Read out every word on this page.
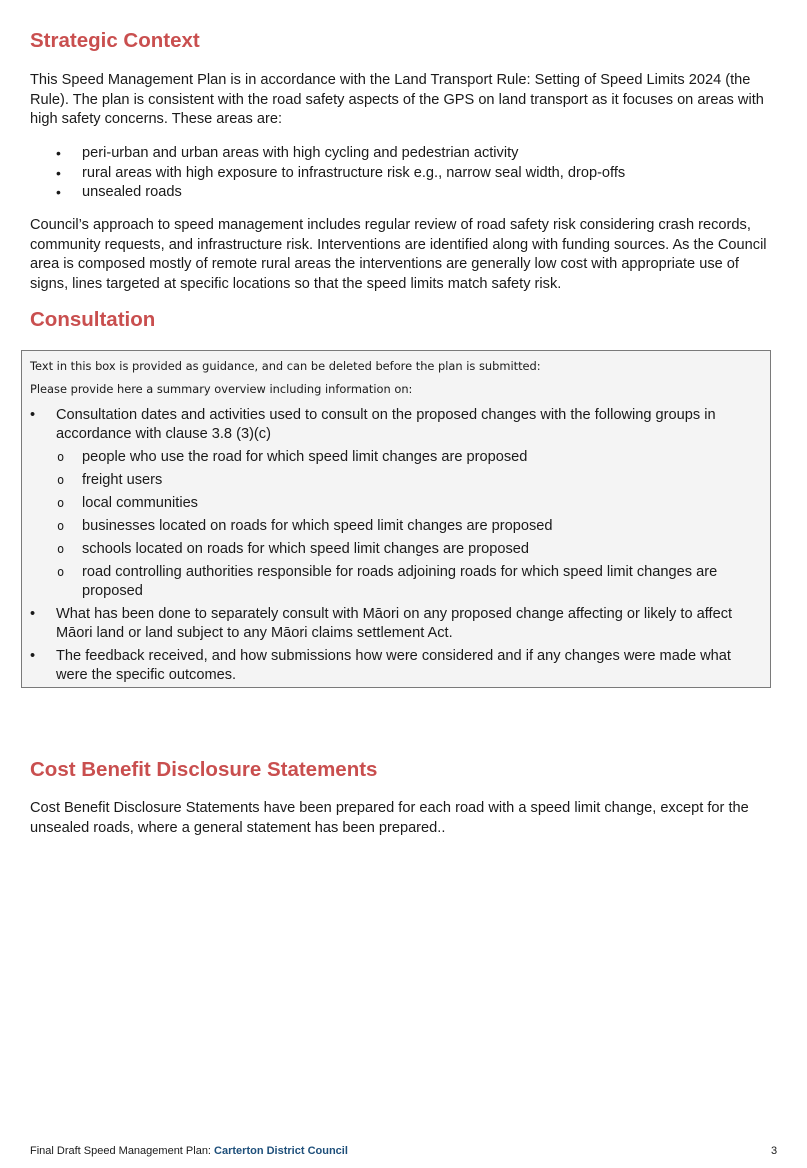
Strategic Context

This Speed Management Plan is in accordance with the Land Transport Rule: Setting of Speed Limits 2024 (the Rule). The plan is consistent with the road safety aspects of the GPS on land transport as it focuses on areas with high safety concerns. These areas are:

• peri-urban and urban areas with high cycling and pedestrian activity
• rural areas with high exposure to infrastructure risk e.g., narrow seal width, drop-offs
• unsealed roads

Council’s approach to speed management includes regular review of road safety risk considering crash records, community requests, and infrastructure risk. Interventions are identified along with funding sources. As the Council area is composed mostly of remote rural areas the interventions are generally low cost with appropriate use of signs, lines targeted at specific locations so that the speed limits match safety risk.

Consultation

Text in this box is provided as guidance, and can be deleted before the plan is submitted:

Please provide here a summary overview including information on:

• Consultation dates and activities used to consult on the proposed changes with the following groups in accordance with clause 3.8 (3)(c)
o people who use the road for which speed limit changes are proposed
o freight users
o local communities
o businesses located on roads for which speed limit changes are proposed
o schools located on roads for which speed limit changes are proposed
o road controlling authorities responsible for roads adjoining roads for which speed limit changes are proposed
• What has been done to separately consult with Māori on any proposed change affecting or likely to affect Māori land or land subject to any Māori claims settlement Act.
• The feedback received, and how submissions how were considered and if any changes were made what were the specific outcomes.
Cost Benefit Disclosure Statements

Cost Benefit Disclosure Statements have been prepared for each road with a speed limit change, except for the unsealed roads, where a general statement has been prepared..

Final Draft Speed Management Plan: Carterton District Council	3
